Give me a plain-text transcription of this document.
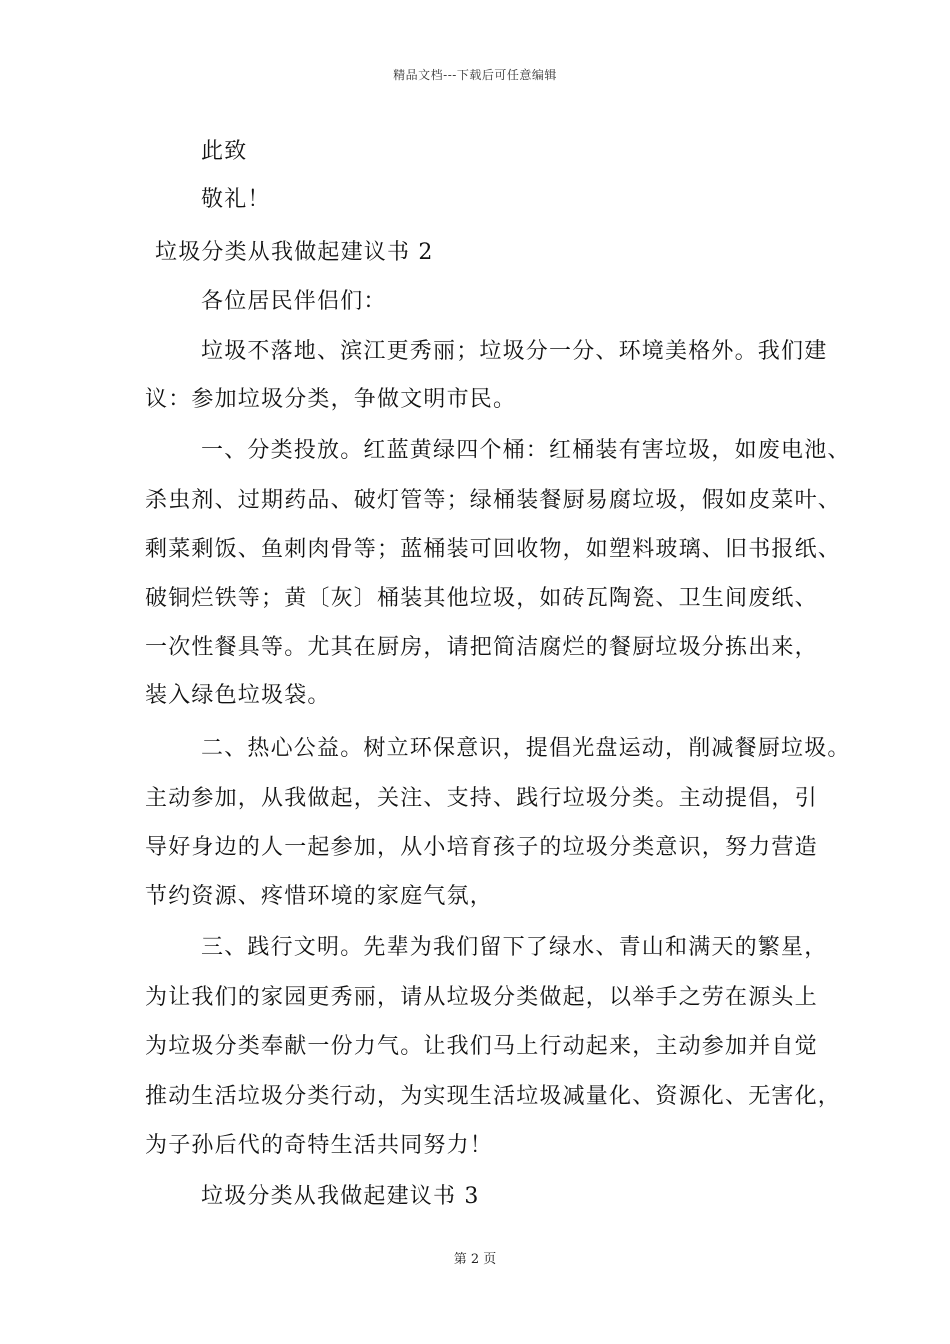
精品文档---下载后可任意编辑
此致
敬礼！
垃圾分类从我做起建议书 2
各位居民伴侣们：
垃圾不落地、滨江更秀丽；垃圾分一分、环境美格外。我们建
议：参加垃圾分类，争做文明市民。
一、分类投放。红蓝黄绿四个桶：红桶装有害垃圾，如废电池、
杀虫剂、过期药品、破灯管等；绿桶装餐厨易腐垃圾，假如皮菜叶、
剩菜剩饭、鱼刺肉骨等；蓝桶装可回收物，如塑料玻璃、旧书报纸、
破铜烂铁等；黄〔灰〕桶装其他垃圾，如砖瓦陶瓷、卫生间废纸、
一次性餐具等。尤其在厨房，请把简洁腐烂的餐厨垃圾分拣出来，
装入绿色垃圾袋。
二、热心公益。树立环保意识，提倡光盘运动，削减餐厨垃圾。
主动参加，从我做起，关注、支持、践行垃圾分类。主动提倡，引
导好身边的人一起参加，从小培育孩子的垃圾分类意识，努力营造
节约资源、疼惜环境的家庭气氛，
三、践行文明。先辈为我们留下了绿水、青山和满天的繁星，
为让我们的家园更秀丽，请从垃圾分类做起，以举手之劳在源头上
为垃圾分类奉献一份力气。让我们马上行动起来，主动参加并自觉
推动生活垃圾分类行动，为实现生活垃圾减量化、资源化、无害化，
为子孙后代的奇特生活共同努力！
垃圾分类从我做起建议书 3
第 2 页
